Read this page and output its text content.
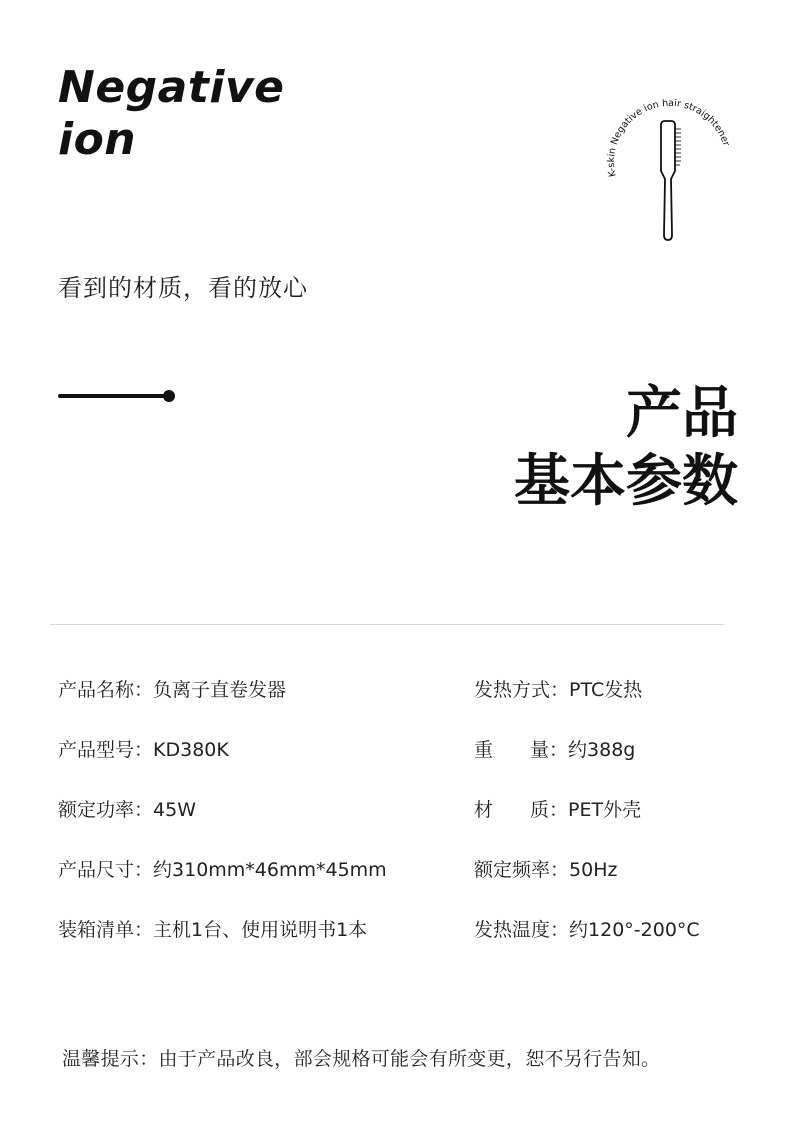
Negative
ion
K-skin Negative ion hair straightener
看到的材质，看的放心
产品
基本参数
产品名称：负离子直卷发器
产品型号：KD380K
额定功率：45W
产品尺寸：约310mm*46mm*45mm
装箱清单：主机1台、使用说明书1本
发热方式：PTC发热
重 量：约388g
材 质：PET外壳
额定频率：50Hz
发热温度：约120°-200°C
温馨提示：由于产品改良，部会规格可能会有所变更，恕不另行告知。
